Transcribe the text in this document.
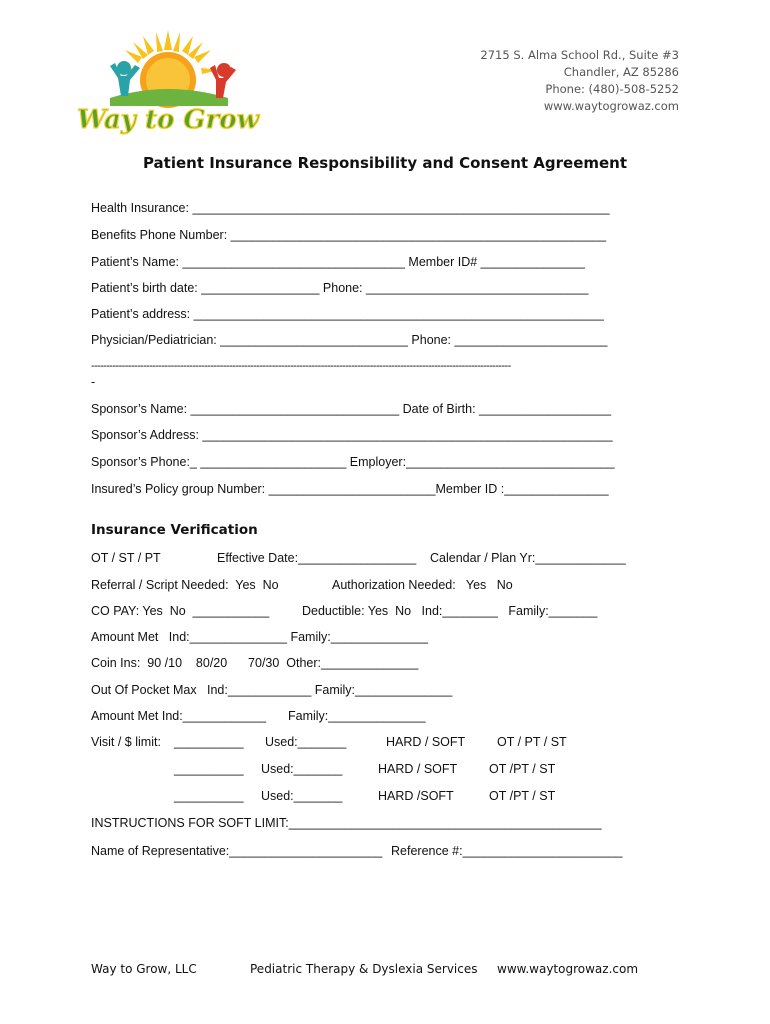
Way to Grow
2715 S. Alma School Rd., Suite #3
Chandler, AZ 85286
Phone: (480)-508-5252
www.waytogrowaz.com
Patient Insurance Responsibility and Consent Agreement
Health Insurance: ____________________________________________________________
Benefits Phone Number: ______________________________________________________
Patient’s Name: ________________________________ Member ID# _______________
Patient’s birth date: _________________ Phone: ________________________________
Patient’s address: ___________________________________________________________
Physician/Pediatrician: ___________________________ Phone: ______________________
-----------------------------------------------------------------------------------------------------------------------------------------
-
Sponsor’s Name: ______________________________ Date of Birth: ___________________
Sponsor’s Address: ___________________________________________________________
Sponsor’s Phone:_ _____________________ Employer:______________________________
Insured’s Policy group Number: ________________________Member ID :_______________
Insurance Verification
OT / ST / PT	Effective Date:_________________ Calendar / Plan Yr:_____________
Referral / Script Needed:  Yes  No	Authorization Needed:   Yes   No
CO PAY: Yes  No  ___________	Deductible: Yes  No   Ind:________   Family:_______
Amount Met   Ind:______________ Family:______________
Coin Ins:  90 /10    80/20      70/30  Other:______________
Out Of Pocket Max   Ind:____________ Family:______________
Amount Met Ind:____________ Family:______________
Visit / $ limit: __________ Used:_______	HARD / SOFT	OT / PT / ST
__________ Used:_______	HARD / SOFT	OT /PT / ST
__________ Used:_______	HARD /SOFT	OT /PT / ST
INSTRUCTIONS FOR SOFT LIMIT:_____________________________________________
Name of Representative:______________________ Reference #:_______________________
Way to Grow, LLC	Pediatric Therapy & Dyslexia Services www.waytogrowaz.com
